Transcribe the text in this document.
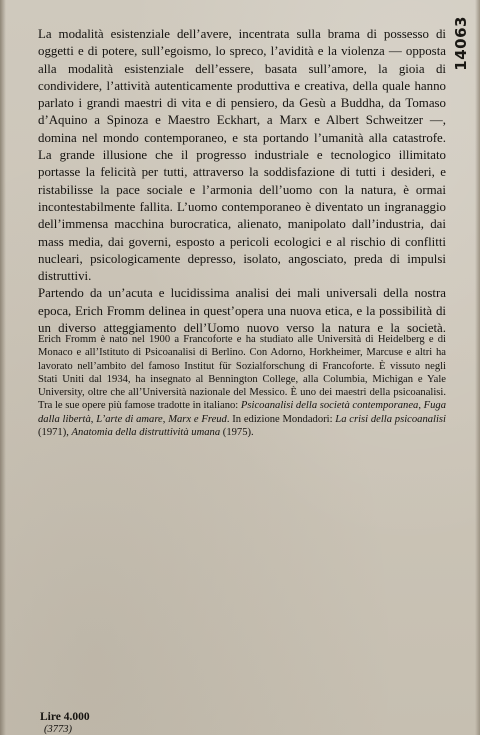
14063

La modalità esistenziale dell’avere, incentrata sulla brama di possesso di oggetti e di potere, sull’egoismo, lo spreco, l’avidità e la violenza — opposta alla modalità esistenziale dell’essere, basata sull’amore, la gioia di condividere, l’attività autenticamente produttiva e creativa, della quale hanno parlato i grandi maestri di vita e di pensiero, da Gesù a Buddha, da Tomaso d’Aquino a Spinoza e Maestro Eckhart, a Marx e Albert Schweitzer —, domina nel mondo contemporaneo, e sta portando l’umanità alla catastrofe.

La grande illusione che il progresso industriale e tecnologico illimitato portasse la felicità per tutti, attraverso la soddisfazione di tutti i desideri, e ristabilisse la pace sociale e l’armonia dell’uomo con la natura, è ormai incontestabilmente fallita. L’uomo contemporaneo è diventato un ingranaggio dell’immensa macchina burocratica, alienato, manipolato dall’industria, dai mass media, dai governi, esposto a pericoli ecologici e al rischio di conflitti nucleari, psicologicamente depresso, isolato, angosciato, preda di impulsi distruttivi.

Partendo da un’acuta e lucidissima analisi dei mali universali della nostra epoca, Erich Fromm delinea in quest’opera una nuova etica, e la possibilità di un diverso atteggiamento dell’Uomo nuovo verso la natura e la società.

Erich Fromm è nato nel 1900 a Francoforte e ha studiato alle Università di Heidelberg e di Monaco e all’Istituto di Psicoanalisi di Berlino. Con Adorno, Horkheimer, Marcuse e altri ha lavorato nell’ambito del famoso Institut für Sozialforschung di Francoforte. È vissuto negli Stati Uniti dal 1934, ha insegnato al Bennington College, alla Columbia, Michigan e Yale University, oltre che all’Università nazionale del Messico. È uno dei maestri della psicoanalisi. Tra le sue opere più famose tradotte in italiano: Psicoanalisi della società contemporanea, Fuga dalla libertà, L’arte di amare, Marx e Freud. In edizione Mondadori: La crisi della psicoanalisi (1971), Anatomia della distruttività umana (1975).

Lire 4.000
(3773)
